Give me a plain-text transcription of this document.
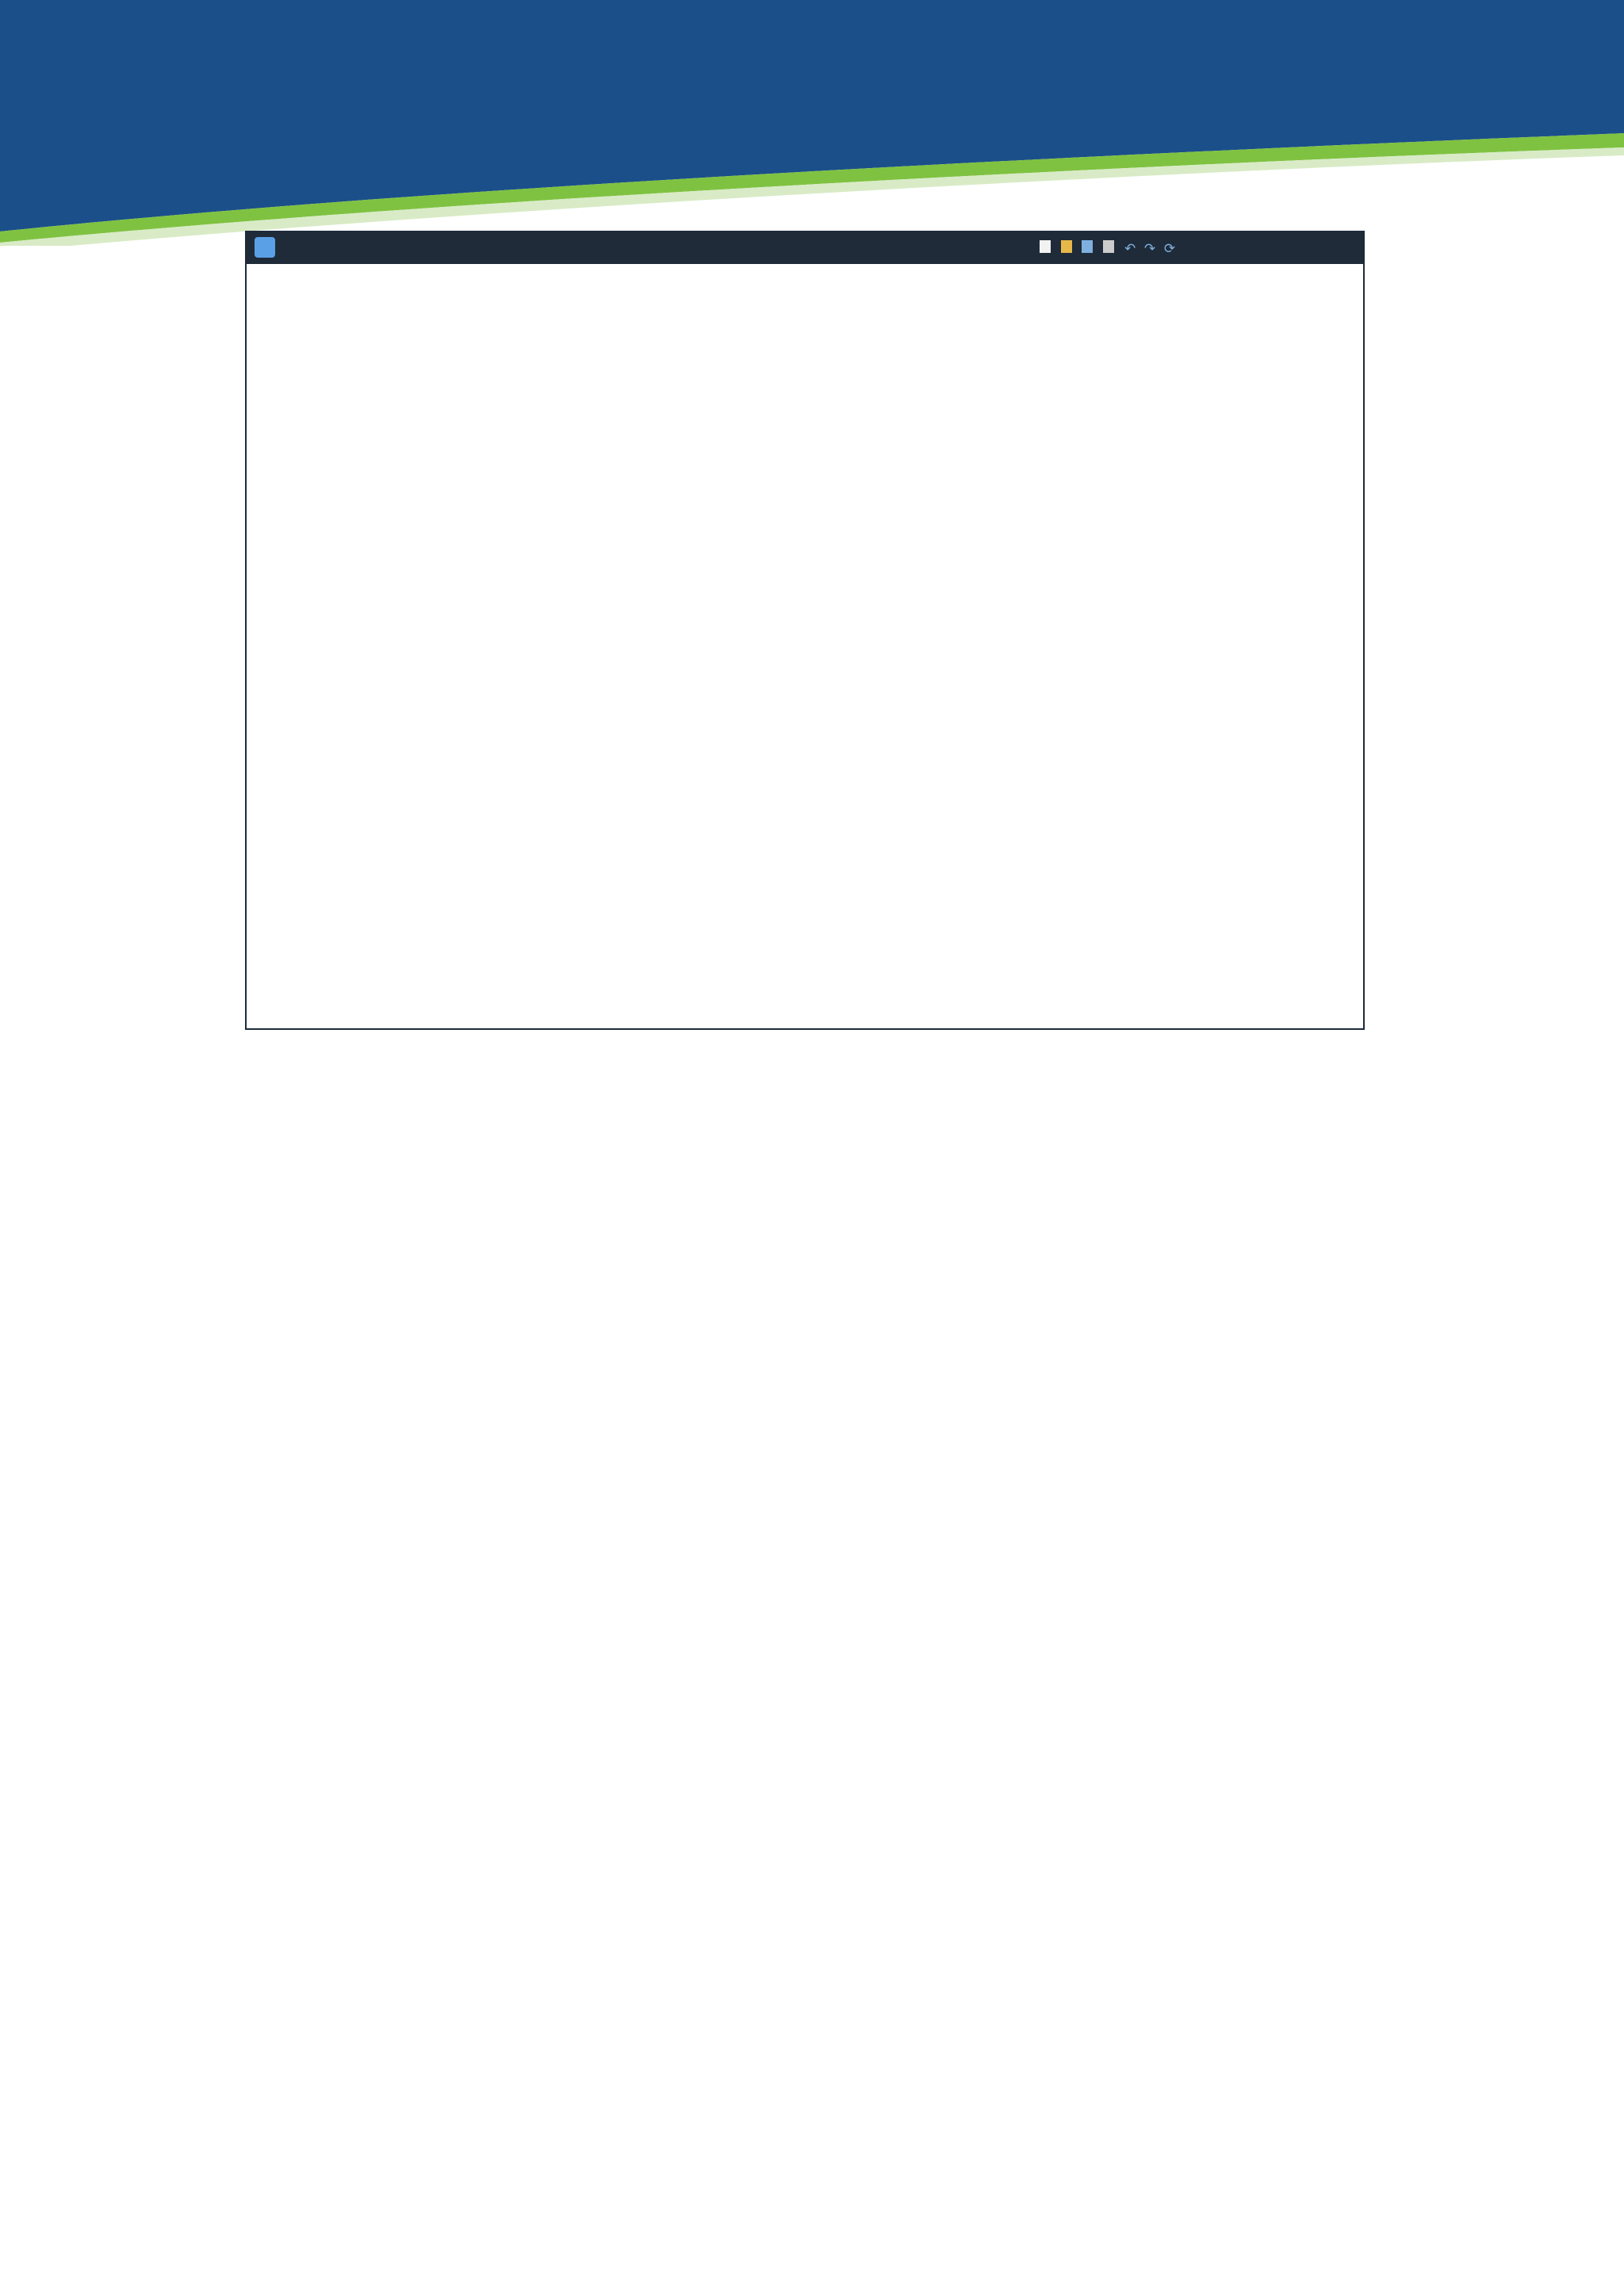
↶ ↷ ⟳
